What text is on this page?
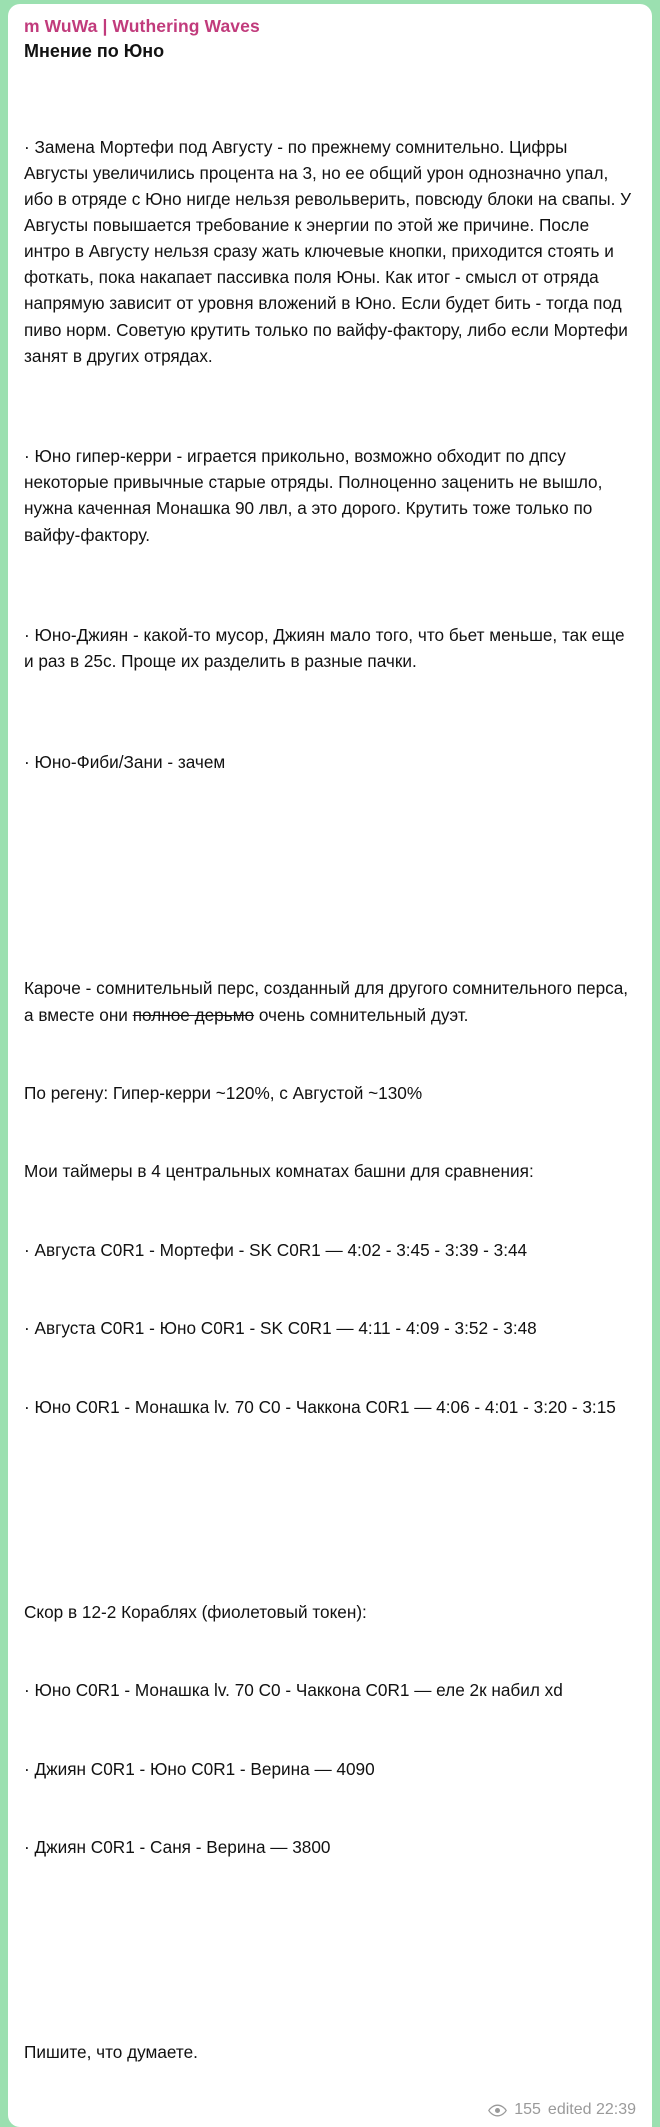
m WuWa | Wuthering Waves
Мнение по Юно

· Замена Мортефи под Августу - по прежнему сомнительно. Цифры Августы увеличились процента на 3, но ее общий урон однозначно упал, ибо в отряде с Юно нигде нельзя револьверить, повсюду блоки на свапы. У Августы повышается требование к энергии по этой же причине. После интро в Августу нельзя сразу жать ключевые кнопки, приходится стоять и фоткать, пока накапает пассивка поля Юны. Как итог - смысл от отряда напрямую зависит от уровня вложений в Юно. Если будет бить - тогда под пиво норм. Советую крутить только по вайфу-фактору, либо если Мортефи занят в других отрядах.

· Юно гипер-керри - играется прикольно, возможно обходит по дпсу некоторые привычные старые отряды. Полноценно заценить не вышло, нужна каченная Монашка 90 лвл, а это дорого. Крутить тоже только по вайфу-фактору.

· Юно-Джиян - какой-то мусор, Джиян мало того, что бьет меньше, так еще и раз в 25с. Проще их разделить в разные пачки.

· Юно-Фиби/Зани - зачем

Кароче - сомнительный перс, созданный для другого сомнительного перса, а вместе они полное дерьмо очень сомнительный дуэт.

По регену: Гипер-керри ~120%, с Августой ~130%

Мои таймеры в 4 центральных комнатах башни для сравнения:

· Августа C0R1 - Мортефи - SK C0R1 — 4:02 - 3:45 - 3:39 - 3:44

· Августа C0R1 - Юно C0R1 - SK C0R1 — 4:11 - 4:09 - 3:52 - 3:48

· Юно C0R1 - Монашка lv. 70 C0 - Чаккона C0R1 — 4:06 - 4:01 - 3:20 - 3:15

Скор в 12-2 Кораблях (фиолетовый токен):

· Юно C0R1 - Монашка lv. 70 C0 - Чаккона C0R1 — еле 2к набил xd

· Джиян C0R1 - Юно C0R1 - Верина — 4090

· Джиян C0R1 - Саня - Верина — 3800

Пишите, что думаете.

155 edited 22:39
